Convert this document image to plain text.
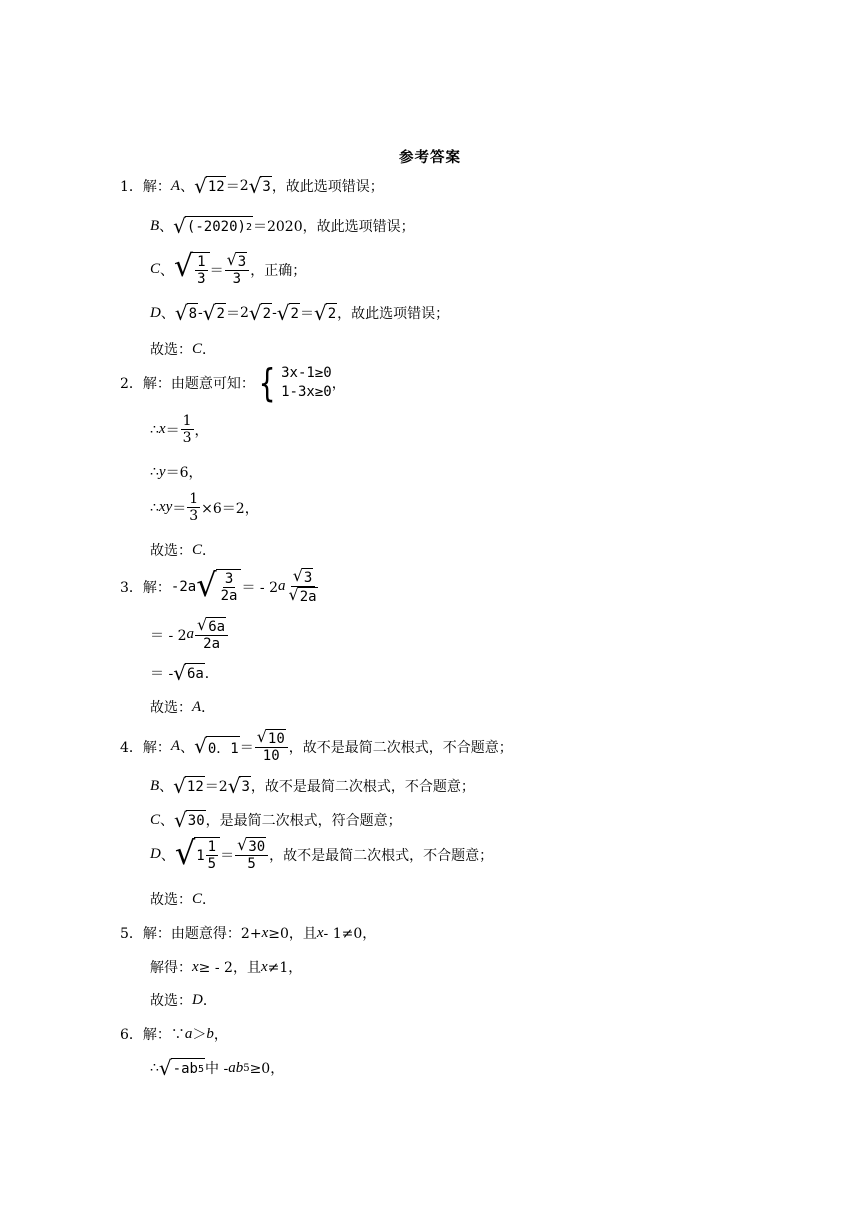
参考答案
1． 解： A 、 √ 12 ＝ 2 √ 3 ，故此选项错误；
B 、 √ (-2020) 2 ＝2020 ，故此选项错误；
C 、 √ $\frac{1}{3} = \frac{√ 3}{3}$ ，正确；
D 、 √ 8 - √ 2 ＝ 2 √ 2 - √ 2 ＝ √ 2 ，故此选项错误；
故选： C ．
2． 解：由题意可知： { 3x-1≥0
1-3x≥0 ，
∴ $x = \frac{1}{3}$ ，
∴ y ＝6，
∴ xy ＝ $\frac{1}{3} \times 6=2$，
故选： C ．
3． 解： -2a √ $\frac{3}{2a}$ ＝ - 2 a $\frac{√ 3}{√ 2a}$
＝ - 2 a $\frac{√ 6a}{2a}$
＝ - √ 6a ．
故选： A ．
4． 解： A 、 √ 0．$1 = \frac{√ 10}{10}$ ，故不是最简二次根式，不合题意；
B 、 √ 12 ＝2 √ 3 ，故不是最简二次根式，不合题意；
C 、 √ 30 ，是最简二次根式，符合题意；
D 、 √ $1 \frac{1}{5} = \frac{√ 30}{5}$ ，故不是最简二次根式，不合题意；
故选： C ．
5． 解：由题意得：2+ x ≥0，且 x - 1≠0，
解得： x ≥ - 2，且 x ≠1，
故选： D ．
6． 解：∵ a ＞ b ，
∴ √ -ab 5 中 - ab 5 ≥0，
